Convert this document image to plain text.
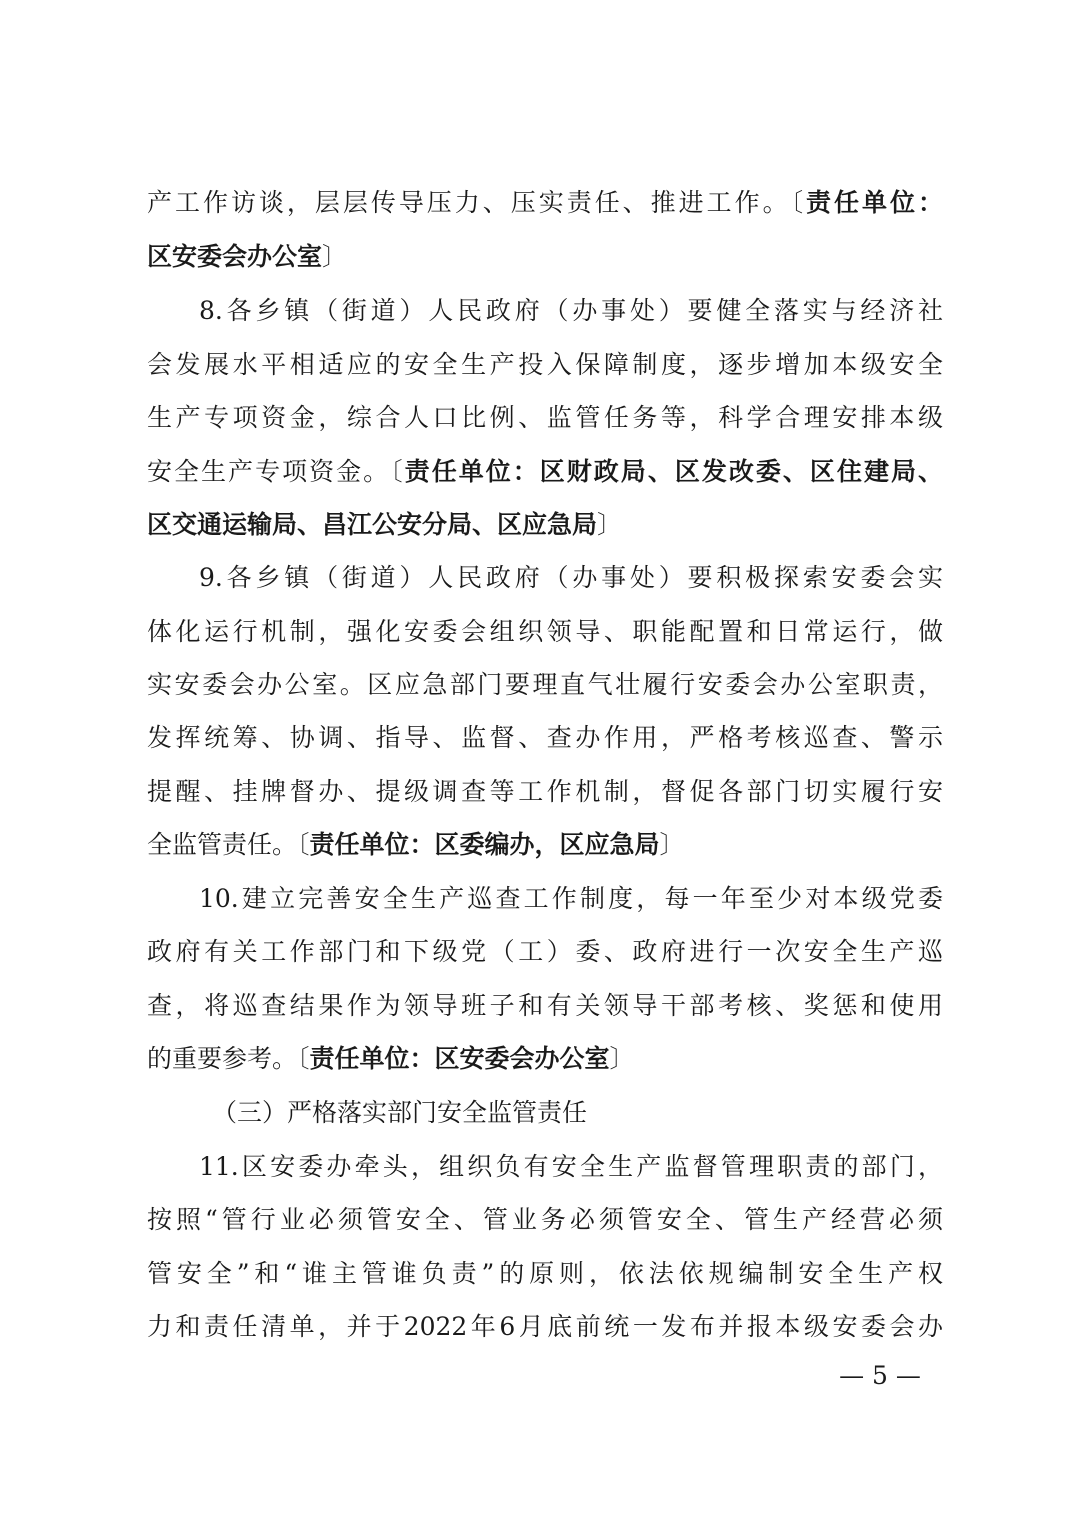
产工作访谈，层层传导压力、压实责任、推进工作。〔责任单位：
区安委会办公室〕
8.各乡镇（街道）人民政府（办事处）要健全落实与经济社
会发展水平相适应的安全生产投入保障制度，逐步增加本级安全
生产专项资金，综合人口比例、监管任务等，科学合理安排本级
安全生产专项资金。〔责任单位：区财政局、区发改委、区住建局、
区交通运输局、昌江公安分局、区应急局〕
9.各乡镇（街道）人民政府（办事处）要积极探索安委会实
体化运行机制，强化安委会组织领导、职能配置和日常运行，做
实安委会办公室。区应急部门要理直气壮履行安委会办公室职责，
发挥统筹、协调、指导、监督、查办作用，严格考核巡查、警示
提醒、挂牌督办、提级调查等工作机制，督促各部门切实履行安
全监管责任。〔责任单位：区委编办，区应急局〕
10.建立完善安全生产巡查工作制度，每一年至少对本级党委
政府有关工作部门和下级党（工）委、政府进行一次安全生产巡
查，将巡查结果作为领导班子和有关领导干部考核、奖惩和使用
的重要参考。〔责任单位：区安委会办公室〕
（三）严格落实部门安全监管责任
11.区安委办牵头，组织负有安全生产监督管理职责的部门，
按照“管行业必须管安全、管业务必须管安全、管生产经营必须
管安全”和“谁主管谁负责”的原则，依法依规编制安全生产权
力和责任清单，并于2022年6月底前统一发布并报本级安委会办
— 5 —
